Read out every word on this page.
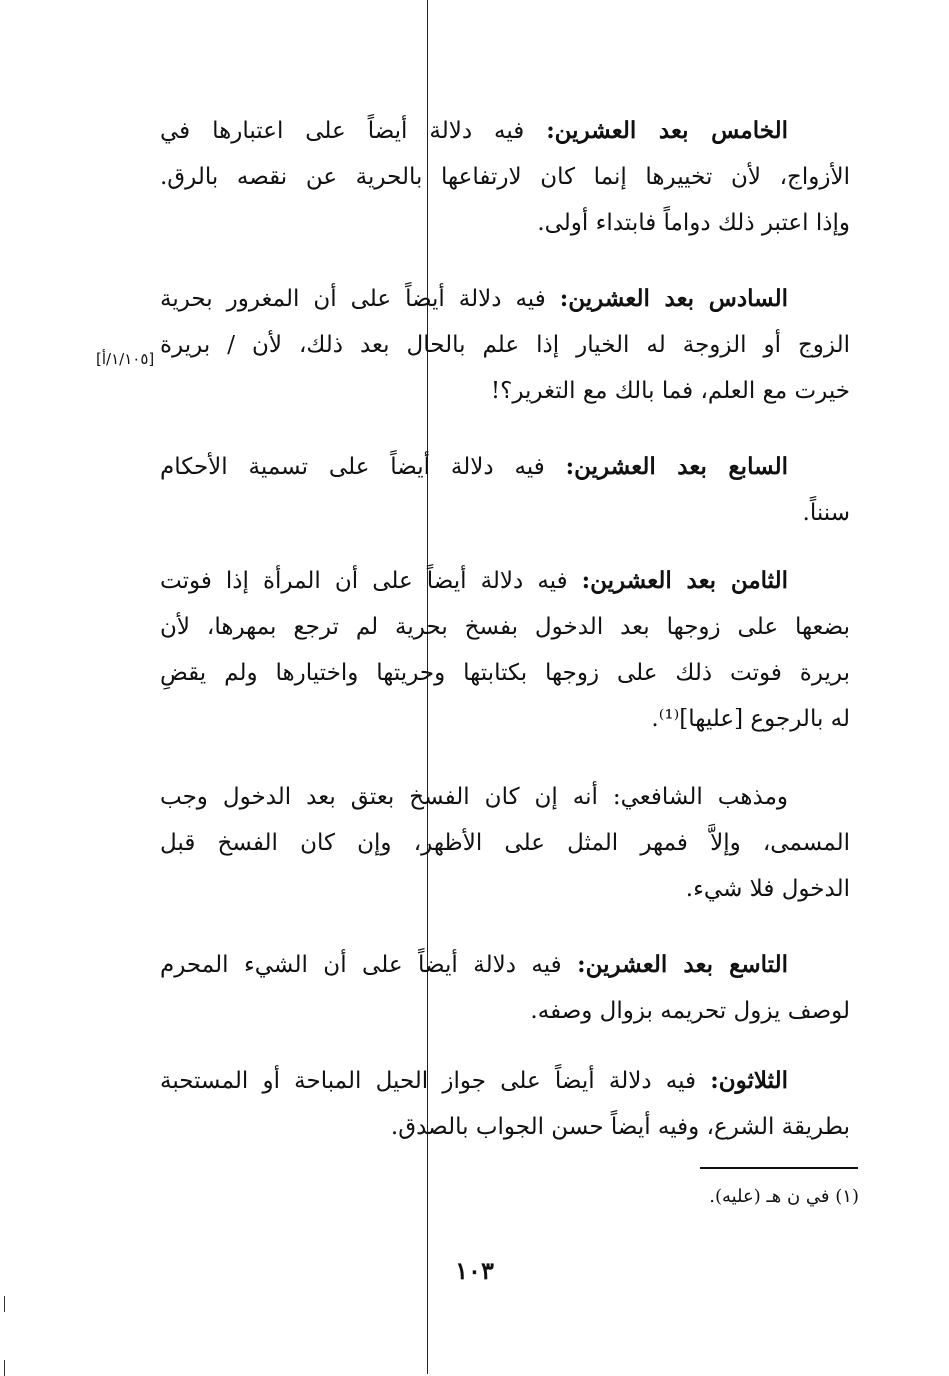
الخامس بعد العشرين: فيه دلالة أيضاً على اعتبارها في

الأزواج، لأن تخييرها إنما كان لارتفاعها بالحرية عن نقصه بالرق.

وإذا اعتبر ذلك دواماً فابتداء أولى.

السادس بعد العشرين: فيه دلالة أيضاً على أن المغرور بحرية

الزوج أو الزوجة له الخيار إذا علم بالحال بعد ذلك، لأن / بريرة

خيرت مع العلم، فما بالك مع التغرير؟!

[١/١٠٥/أ]

السابع بعد العشرين: فيه دلالة أيضاً على تسمية الأحكام

سنناً.

الثامن بعد العشرين: فيه دلالة أيضاً على أن المرأة إذا فوتت

بضعها على زوجها بعد الدخول بفسخ بحرية لم ترجع بمهرها، لأن

بريرة فوتت ذلك على زوجها بكتابتها وحريتها واختيارها ولم يقضِ

له بالرجوع [عليها]⁽¹⁾.

ومذهب الشافعي: أنه إن كان الفسخ بعتق بعد الدخول وجب

المسمى، وإلاَّ فمهر المثل على الأظهر، وإن كان الفسخ قبل

الدخول فلا شيء.

التاسع بعد العشرين: فيه دلالة أيضاً على أن الشيء المحرم

لوصف يزول تحريمه بزوال وصفه.

الثلاثون: فيه دلالة أيضاً على جواز الحيل المباحة أو المستحبة

بطريقة الشرع، وفيه أيضاً حسن الجواب بالصدق.

(١) في ن هـ (عليه).
١٠٣
